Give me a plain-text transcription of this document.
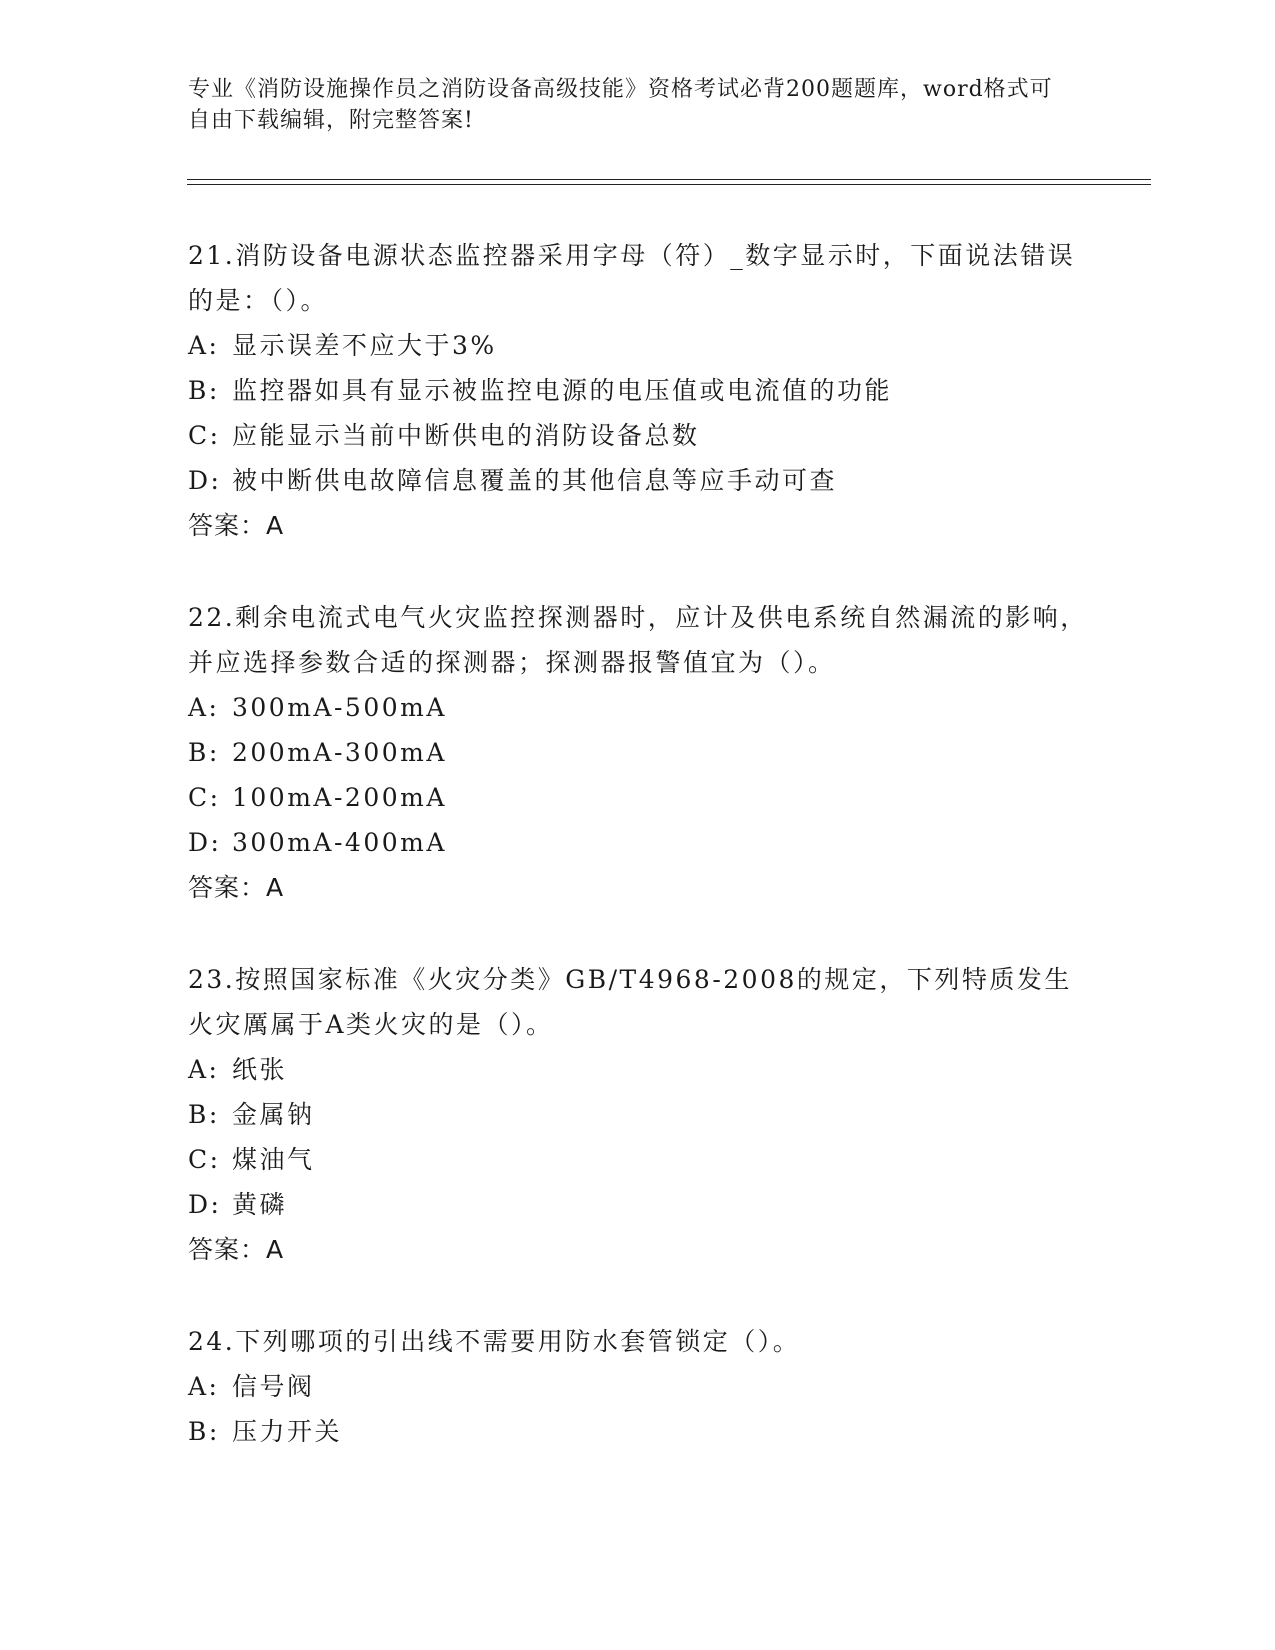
专业《消防设施操作员之消防设备高级技能》资格考试必背200题题库，word格式可自由下载编辑，附完整答案!
21.消防设备电源状态监控器采用字母（符）_数字显示时，下面说法错误的是：（）。
A: 显示误差不应大于3%
B: 监控器如具有显示被监控电源的电压值或电流值的功能
C: 应能显示当前中断供电的消防设备总数
D: 被中断供电故障信息覆盖的其他信息等应手动可查
答案：A
22.剩余电流式电气火灾监控探测器时，应计及供电系统自然漏流的影响，并应选择参数合适的探测器；探测器报警值宜为（）。
A: 300mA-500mA
B: 200mA-300mA
C: 100mA-200mA
D: 300mA-400mA
答案：A
23.按照国家标准《火灾分类》GB/T4968-2008的规定，下列特质发生火灾厲属于A类火灾的是（）。
A: 纸张
B: 金属钠
C: 煤油气
D: 黄磷
答案：A
24.下列哪项的引出线不需要用防水套管锁定（）。
A: 信号阀
B: 压力开关
